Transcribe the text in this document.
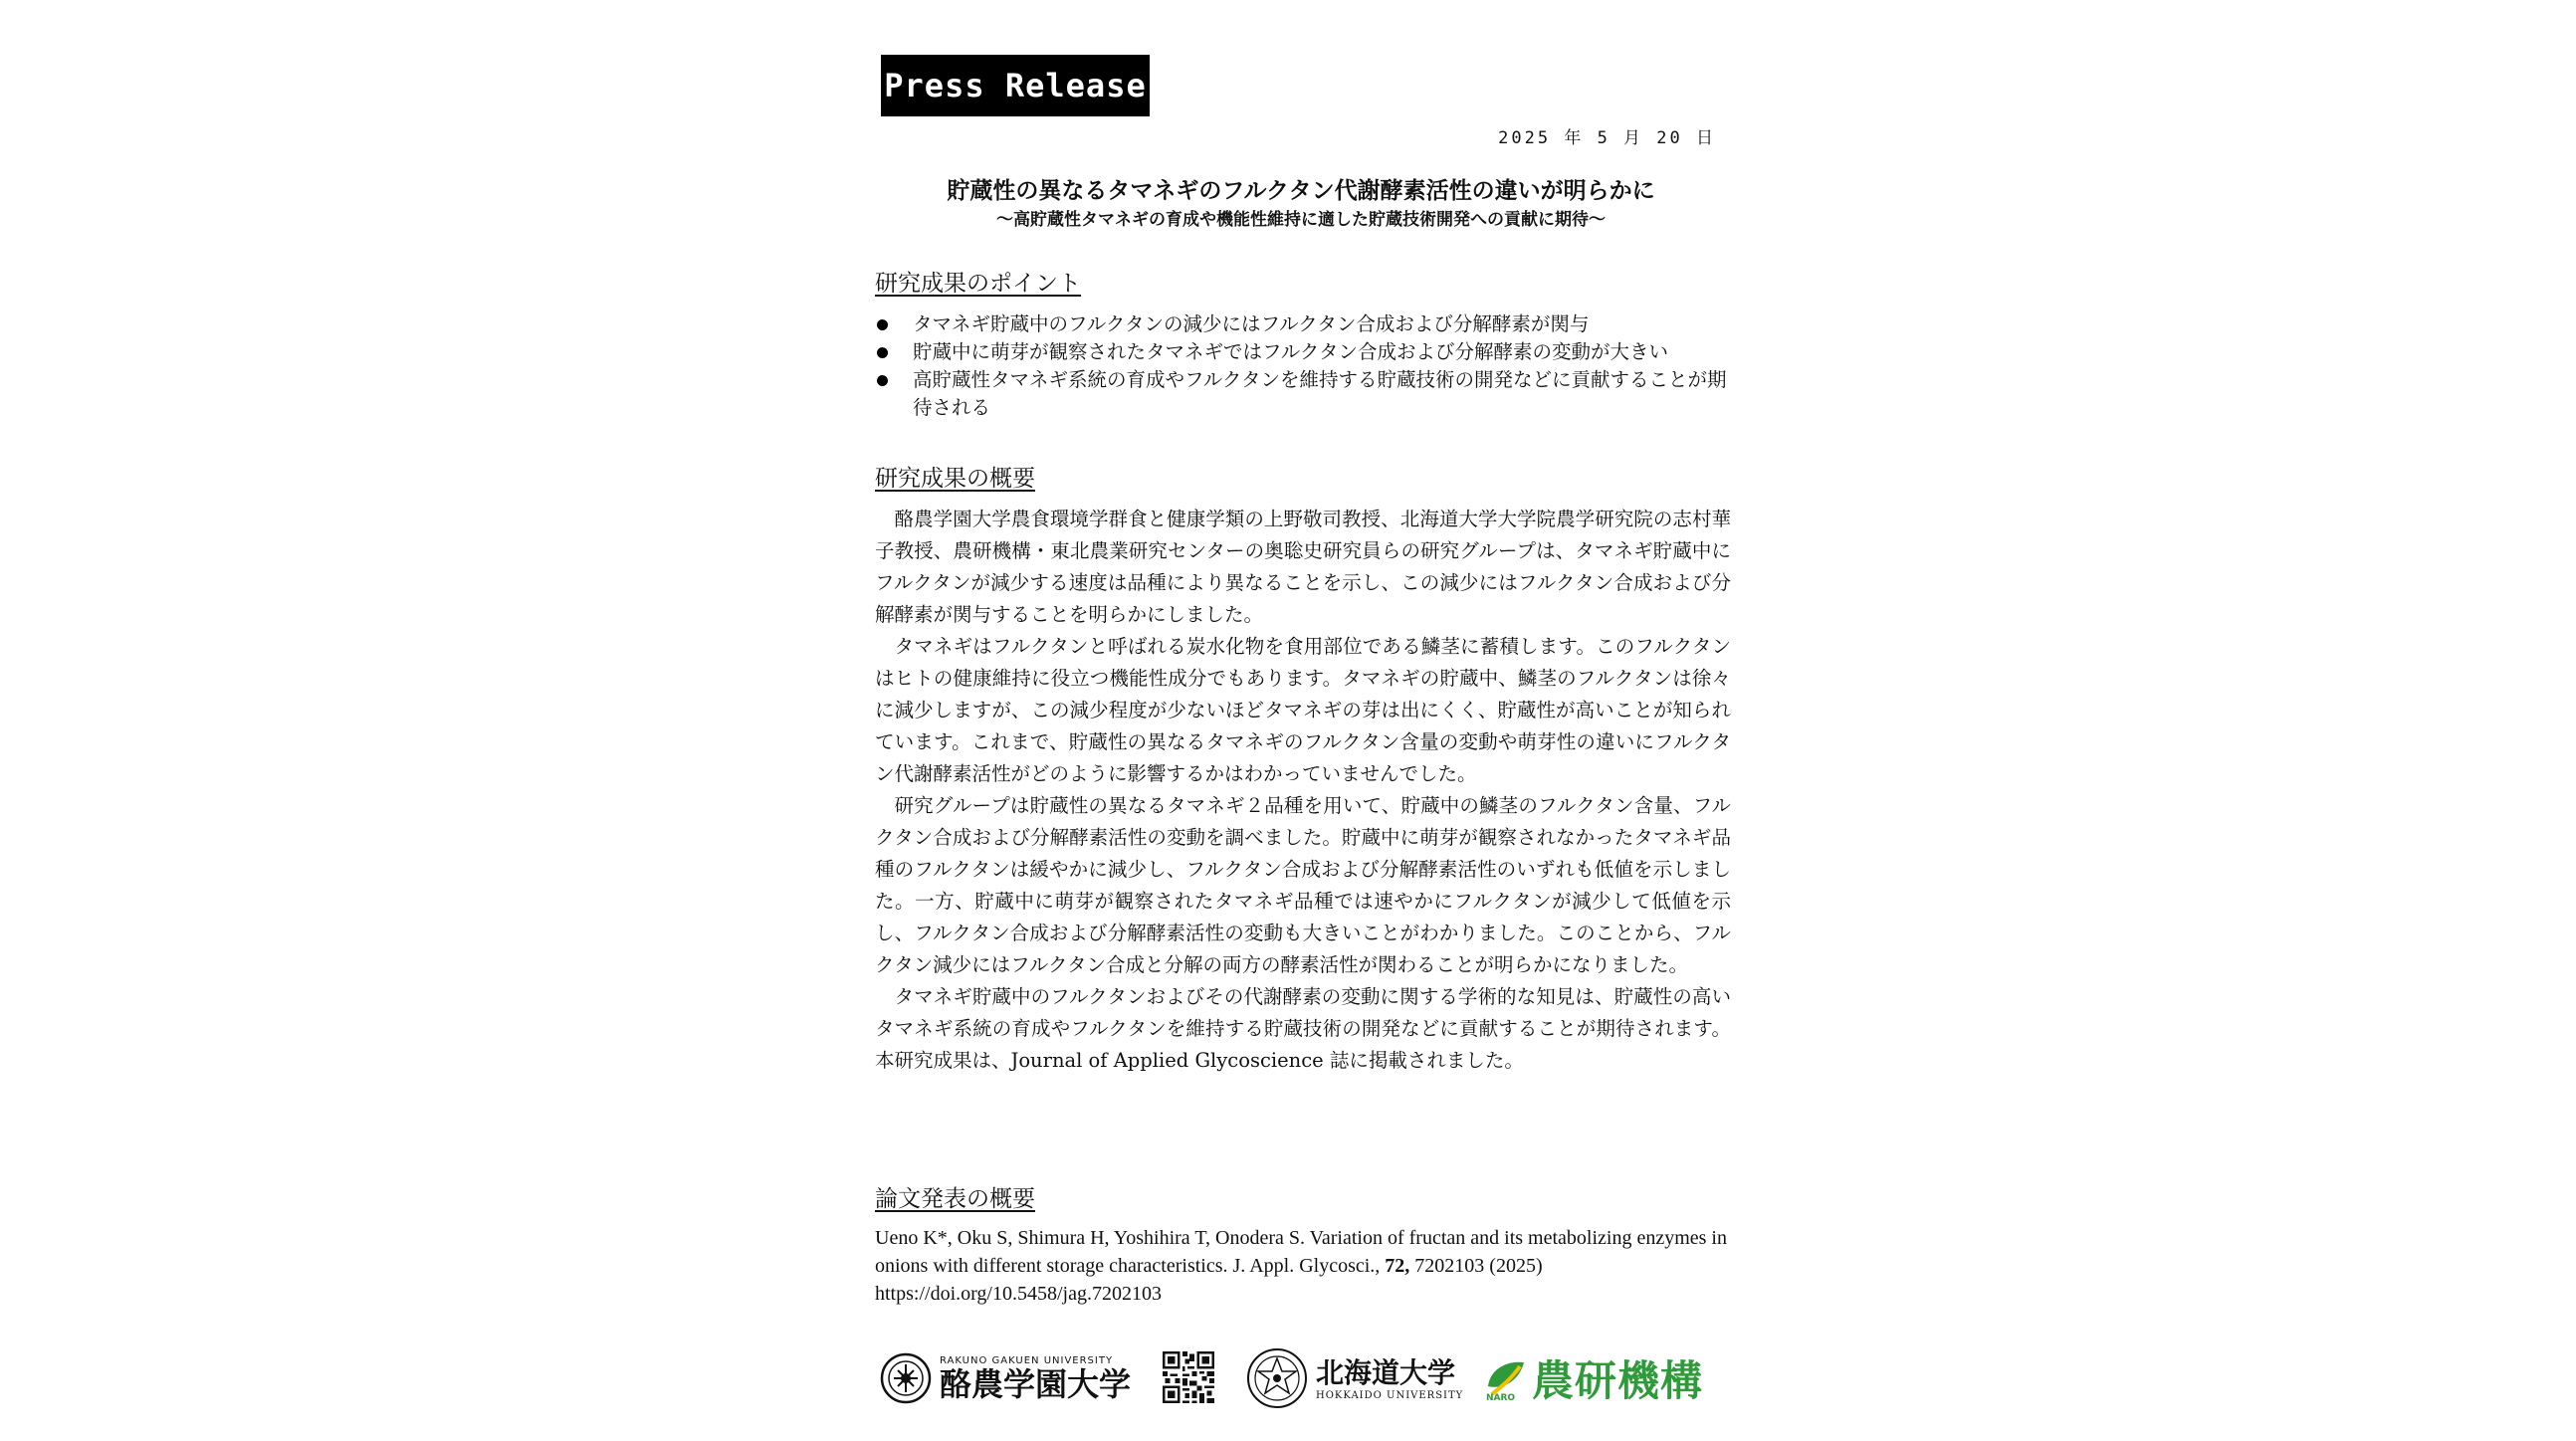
Press Release
2025 年 5 月 20 日
貯蔵性の異なるタマネギのフルクタン代謝酵素活性の違いが明らかに
～高貯蔵性タマネギの育成や機能性維持に適した貯蔵技術開発への貢献に期待～
研究成果のポイント
タマネギ貯蔵中のフルクタンの減少にはフルクタン合成および分解酵素が関与
貯蔵中に萌芽が観察されたタマネギではフルクタン合成および分解酵素の変動が大きい
高貯蔵性タマネギ系統の育成やフルクタンを維持する貯蔵技術の開発などに貢献することが期待される
研究成果の概要

酪農学園大学農食環境学群食と健康学類の上野敬司教授、北海道大学大学院農学研究院の志村華子教授、農研機構・東北農業研究センターの奥聡史研究員らの研究グループは、タマネギ貯蔵中にフルクタンが減少する速度は品種により異なることを示し、この減少にはフルクタン合成および分解酵素が関与することを明らかにしました。

タマネギはフルクタンと呼ばれる炭水化物を食用部位である鱗茎に蓄積します。このフルクタンはヒトの健康維持に役立つ機能性成分でもあります。タマネギの貯蔵中、鱗茎のフルクタンは徐々に減少しますが、この減少程度が少ないほどタマネギの芽は出にくく、貯蔵性が高いことが知られています。これまで、貯蔵性の異なるタマネギのフルクタン含量の変動や萌芽性の違いにフルクタン代謝酵素活性がどのように影響するかはわかっていませんでした。

研究グループは貯蔵性の異なるタマネギ２品種を用いて、貯蔵中の鱗茎のフルクタン含量、フルクタン合成および分解酵素活性の変動を調べました。貯蔵中に萌芽が観察されなかったタマネギ品種のフルクタンは緩やかに減少し、フルクタン合成および分解酵素活性のいずれも低値を示しました。一方、貯蔵中に萌芽が観察されたタマネギ品種では速やかにフルクタンが減少して低値を示し、フルクタン合成および分解酵素活性の変動も大きいことがわかりました。このことから、フルクタン減少にはフルクタン合成と分解の両方の酵素活性が関わることが明らかになりました。

タマネギ貯蔵中のフルクタンおよびその代謝酵素の変動に関する学術的な知見は、貯蔵性の高いタマネギ系統の育成やフルクタンを維持する貯蔵技術の開発などに貢献することが期待されます。本研究成果は、Journal of Applied Glycoscience 誌に掲載されました。

論文発表の概要
Ueno K*, Oku S, Shimura H, Yoshihira T, Onodera S. Variation of fructan and its metabolizing enzymes in onions with different storage characteristics. J. Appl. Glycosci., 72, 7202103 (2025)
https://doi.org/10.5458/jag.7202103
RAKUNO GAKUEN UNIVERSITY
酪農学園大学	北海道大学
HOKKAIDO UNIVERSITY	NARO 農研機構
